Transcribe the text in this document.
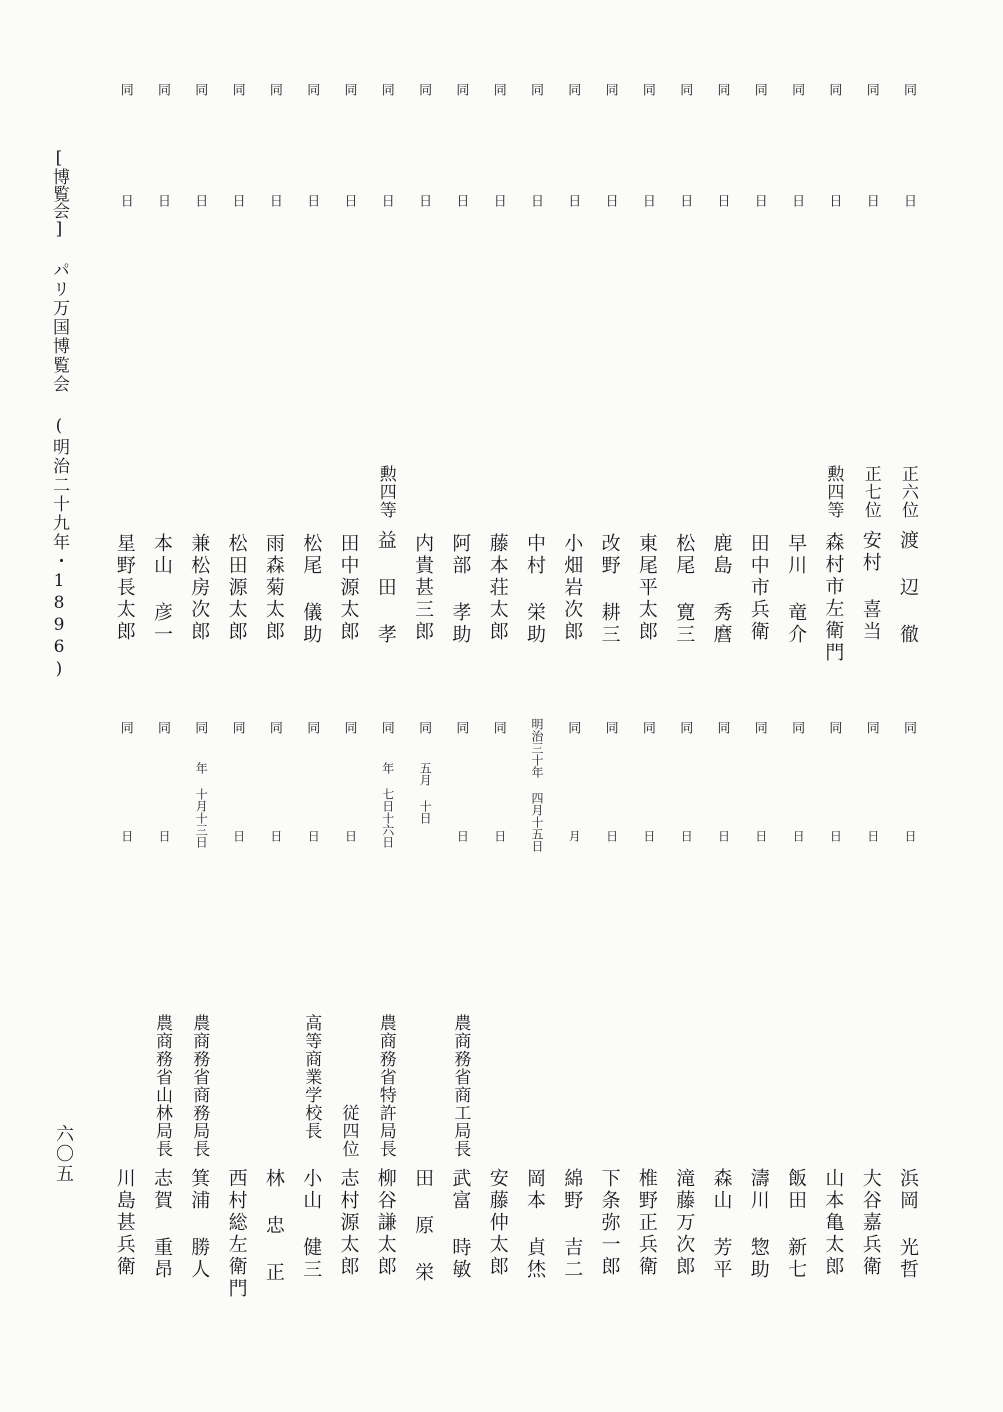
[博覧会]パリ万国博覧会(明治二十九年・1896)
六〇五
同
日
正六位
渡 辺 徹
同
日
正七位
安村 喜当
同
日
勲四等
森村市左衛門
同
日
早川 竜介
同
日
田中市兵衛
同
日
鹿島 秀麿
同
日
松尾 寛三
同
日
東尾平太郎
同
日
改野 耕三
同
日
小畑岩次郎
同
日
中村 栄助
同
日
藤本荘太郎
同
日
阿部 孝助
同
日
内貴甚三郎
同
日
勲四等
益 田 孝
同
日
田中源太郎
同
日
松尾 儀助
同
日
雨森菊太郎
同
日
松田源太郎
同
日
兼松房次郎
同
日
本山 彦一
同
日
星野長太郎
同
日
浜岡 光哲
同
日
大谷嘉兵衛
同
日
山本亀太郎
同
日
飯田 新七
同
日
濤川 惣助
同
日
森山 芳平
同
日
滝藤万次郎
同
日
椎野正兵衛
同
日
下条弥一郎
同
月
綿野 吉二
明治三十年
四月十五日
岡本 貞烋
同
日
安藤仲太郎
同
日
農商務省商工局長
武富 時敏
同
五月 十日
田 原 栄
同
年 七日十六日
農商務省特許局長
柳谷謙太郎
同
日
従四位
志村源太郎
同
日
高等商業学校長
小山 健三
同
日
林 忠 正
同
日
西村総左衛門
同
年 十月十三日
農商務省商務局長
箕浦 勝人
同
日
農商務省山林局長
志賀 重昂
同
日
川島甚兵衛
